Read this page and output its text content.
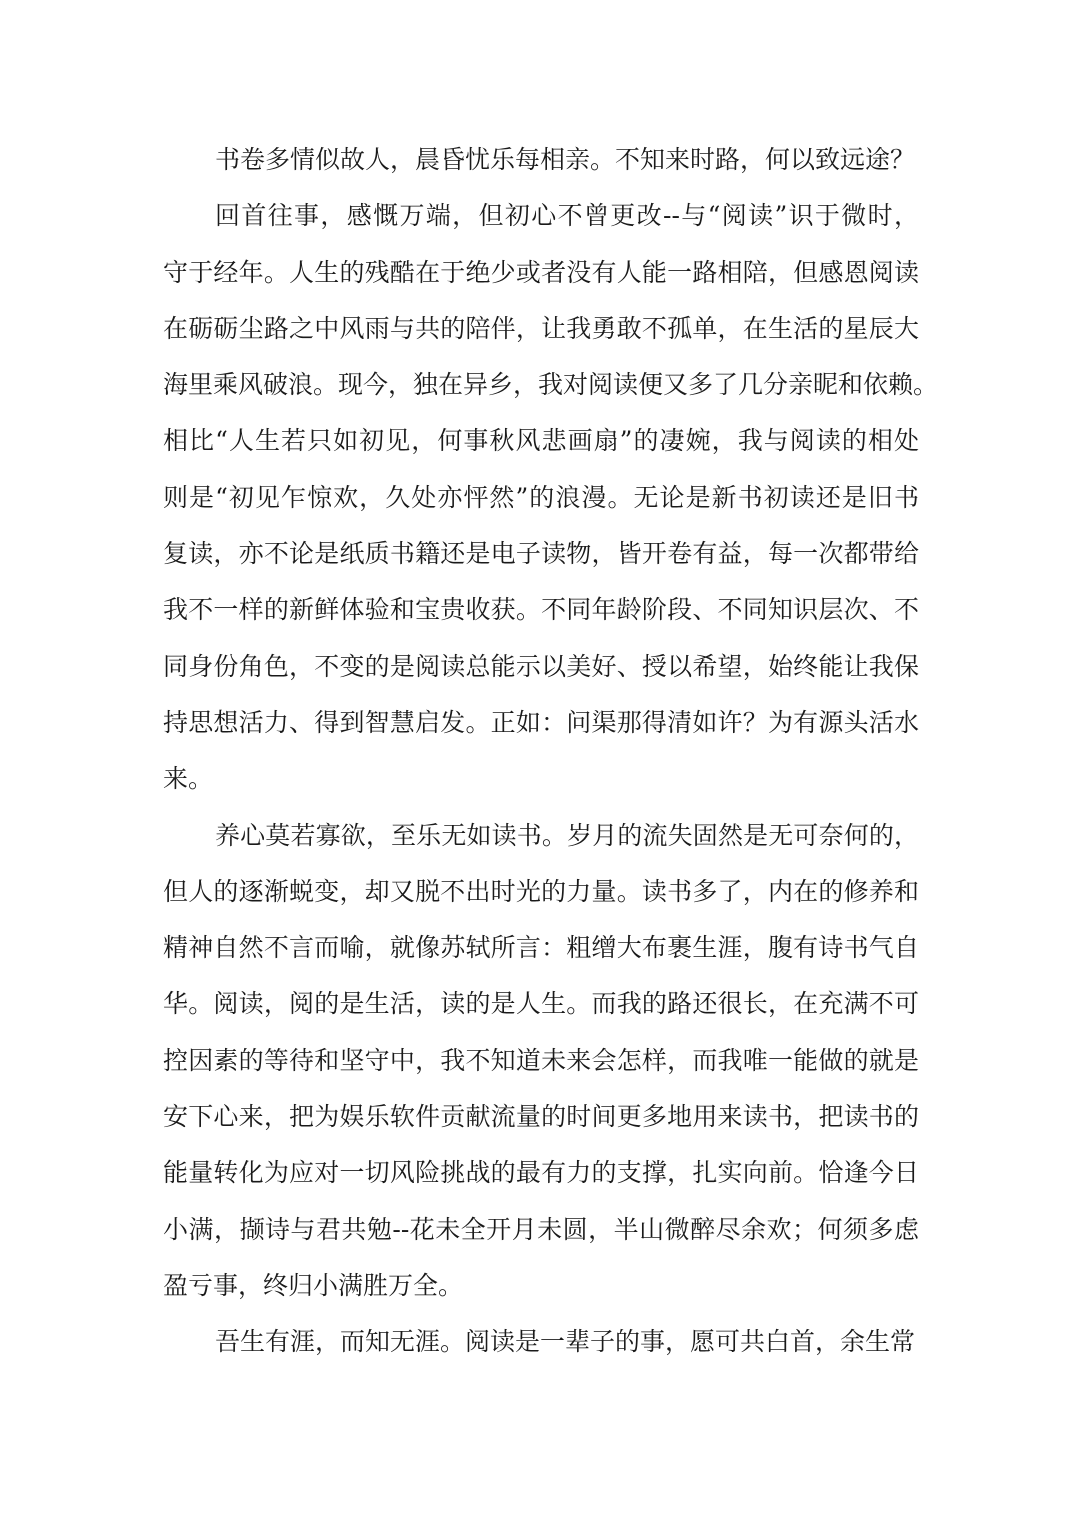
书卷多情似故人，晨昏忧乐每相亲。不知来时路，何以致远途？
回首往事，感慨万端，但初心不曾更改--与“阅读”识于微时，
守于经年。人生的残酷在于绝少或者没有人能一路相陪，但感恩阅读
在砺砺尘路之中风雨与共的陪伴，让我勇敢不孤单，在生活的星辰大
海里乘风破浪。现今，独在异乡，我对阅读便又多了几分亲昵和依赖。
相比“人生若只如初见，何事秋风悲画扇”的凄婉，我与阅读的相处
则是“初见乍惊欢，久处亦怦然”的浪漫。无论是新书初读还是旧书
复读，亦不论是纸质书籍还是电子读物，皆开卷有益，每一次都带给
我不一样的新鲜体验和宝贵收获。不同年龄阶段、不同知识层次、不
同身份角色，不变的是阅读总能示以美好、授以希望，始终能让我保
持思想活力、得到智慧启发。正如：问渠那得清如许？为有源头活水
来。
养心莫若寡欲，至乐无如读书。岁月的流失固然是无可奈何的，
但人的逐渐蜕变，却又脱不出时光的力量。读书多了，内在的修养和
精神自然不言而喻，就像苏轼所言：粗缯大布裹生涯，腹有诗书气自
华。阅读，阅的是生活，读的是人生。而我的路还很长，在充满不可
控因素的等待和坚守中，我不知道未来会怎样，而我唯一能做的就是
安下心来，把为娱乐软件贡献流量的时间更多地用来读书，把读书的
能量转化为应对一切风险挑战的最有力的支撑，扎实向前。恰逢今日
小满，撷诗与君共勉--花未全开月未圆，半山微醉尽余欢；何须多虑
盈亏事，终归小满胜万全。
吾生有涯，而知无涯。阅读是一辈子的事，愿可共白首，余生常
